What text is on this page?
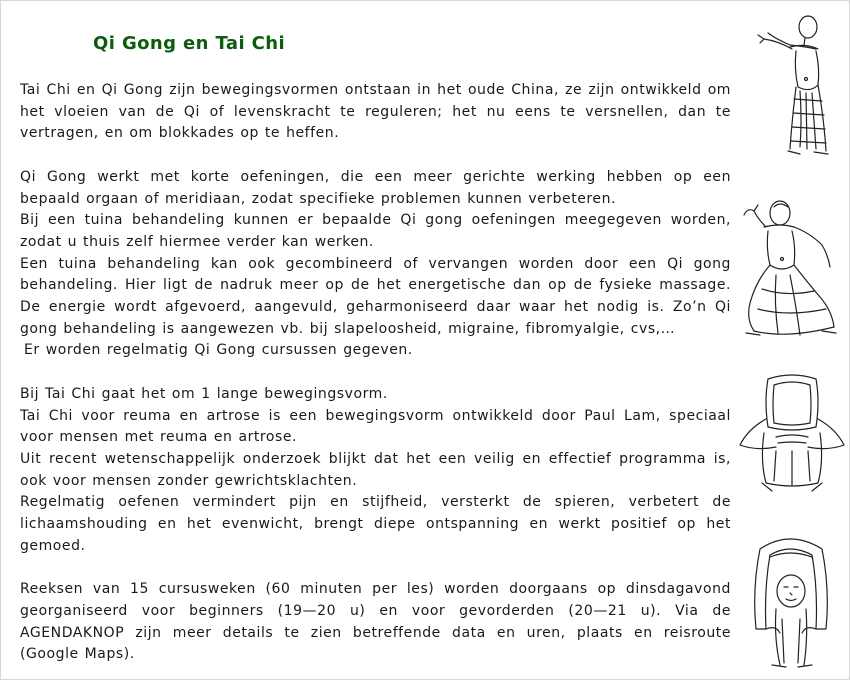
Qi Gong en Tai Chi

Tai Chi en Qi Gong zijn bewegingsvormen ontstaan in het oude China, ze zijn ontwikkeld om het vloeien van de Qi of levenskracht te reguleren; het nu eens te versnellen, dan te vertragen, en om blokkades op te heffen.

Qi Gong werkt met korte oefeningen, die een meer gerichte werking hebben op een bepaald orgaan of meridiaan, zodat specifieke problemen kunnen verbeteren.

Bij een tuina behandeling kunnen er bepaalde Qi gong oefeningen meegegeven worden, zodat u thuis zelf hiermee verder kan werken.

Een tuina behandeling kan ook gecombineerd of vervangen worden door een Qi gong behandeling. Hier ligt de nadruk meer op de het energetische dan op de fysieke massage. De energie wordt afgevoerd, aangevuld, geharmoniseerd daar waar het nodig is. Zo’n Qi gong behandeling is aangewezen vb. bij slapeloosheid, migraine, fibromyalgie, cvs,…

Er worden regelmatig Qi Gong cursussen gegeven.

Bij Tai Chi gaat het om 1 lange bewegingsvorm.

Tai Chi voor reuma en artrose is een bewegingsvorm ontwikkeld door Paul Lam, speciaal voor mensen met reuma en artrose.

Uit recent wetenschappelijk onderzoek blijkt dat het een veilig en effectief programma is, ook voor mensen zonder gewrichtsklachten.

Regelmatig oefenen vermindert pijn en stijfheid, versterkt de spieren, verbetert de lichaamshouding en het evenwicht, brengt diepe ontspanning en werkt positief op het gemoed.

Reeksen van 15 cursusweken (60 minuten per les) worden doorgaans op dinsdagavond georganiseerd voor beginners (19—20 u) en voor gevorderden (20—21 u). Via de AGENDAKNOP zijn meer details te zien betreffende data en uren, plaats en reisroute (Google Maps).
